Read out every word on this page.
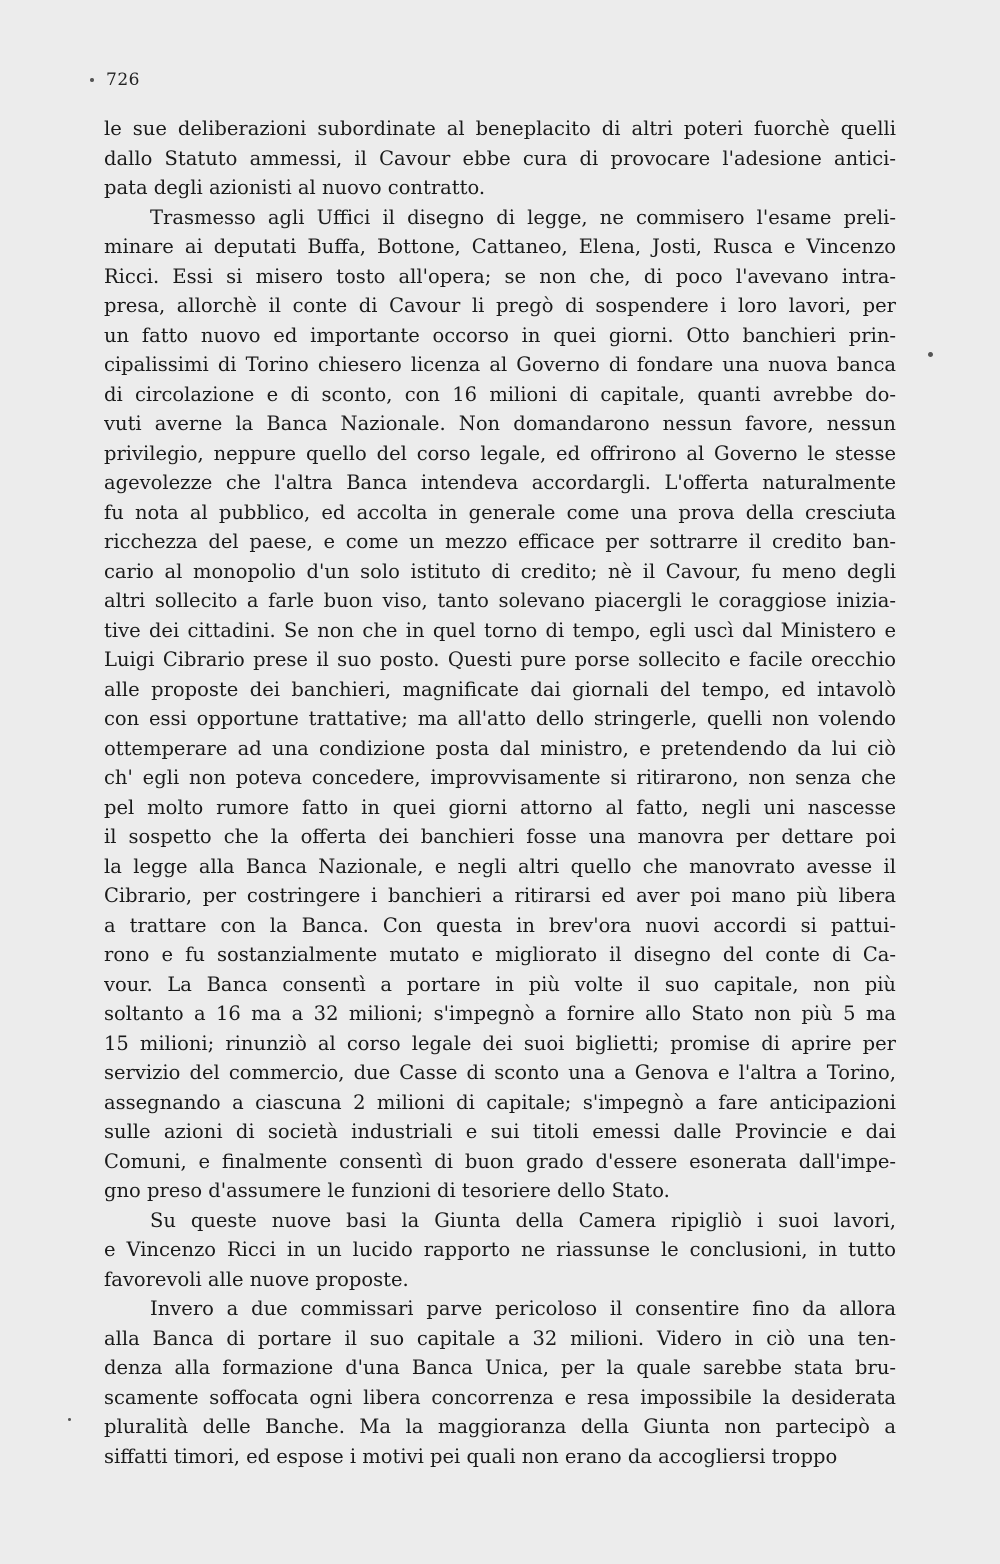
726
le sue deliberazioni subordinate al beneplacito di altri poteri fuorchè quelli
dallo Statuto ammessi, il Cavour ebbe cura di provocare l'adesione antici-
pata degli azionisti al nuovo contratto.
Trasmesso agli Uffici il disegno di legge, ne commisero l'esame preli-
minare ai deputati Buffa, Bottone, Cattaneo, Elena, Josti, Rusca e Vincenzo
Ricci. Essi si misero tosto all'opera; se non che, di poco l'avevano intra-
presa, allorchè il conte di Cavour li pregò di sospendere i loro lavori, per
un fatto nuovo ed importante occorso in quei giorni. Otto banchieri prin-
cipalissimi di Torino chiesero licenza al Governo di fondare una nuova banca
di circolazione e di sconto, con 16 milioni di capitale, quanti avrebbe do-
vuti averne la Banca Nazionale. Non domandarono nessun favore, nessun
privilegio, neppure quello del corso legale, ed offrirono al Governo le stesse
agevolezze che l'altra Banca intendeva accordargli. L'offerta naturalmente
fu nota al pubblico, ed accolta in generale come una prova della cresciuta
ricchezza del paese, e come un mezzo efficace per sottrarre il credito ban-
cario al monopolio d'un solo istituto di credito; nè il Cavour, fu meno degli
altri sollecito a farle buon viso, tanto solevano piacergli le coraggiose inizia-
tive dei cittadini. Se non che in quel torno di tempo, egli uscì dal Ministero e
Luigi Cibrario prese il suo posto. Questi pure porse sollecito e facile orecchio
alle proposte dei banchieri, magnificate dai giornali del tempo, ed intavolò
con essi opportune trattative; ma all'atto dello stringerle, quelli non volendo
ottemperare ad una condizione posta dal ministro, e pretendendo da lui ciò
ch' egli non poteva concedere, improvvisamente si ritirarono, non senza che
pel molto rumore fatto in quei giorni attorno al fatto, negli uni nascesse
il sospetto che la offerta dei banchieri fosse una manovra per dettare poi
la legge alla Banca Nazionale, e negli altri quello che manovrato avesse il
Cibrario, per costringere i banchieri a ritirarsi ed aver poi mano più libera
a trattare con la Banca. Con questa in brev'ora nuovi accordi si pattui-
rono e fu sostanzialmente mutato e migliorato il disegno del conte di Ca-
vour. La Banca consentì a portare in più volte il suo capitale, non più
soltanto a 16 ma a 32 milioni; s'impegnò a fornire allo Stato non più 5 ma
15 milioni; rinunziò al corso legale dei suoi biglietti; promise di aprire per
servizio del commercio, due Casse di sconto una a Genova e l'altra a Torino,
assegnando a ciascuna 2 milioni di capitale; s'impegnò a fare anticipazioni
sulle azioni di società industriali e sui titoli emessi dalle Provincie e dai
Comuni, e finalmente consentì di buon grado d'essere esonerata dall'impe-
gno preso d'assumere le funzioni di tesoriere dello Stato.
Su queste nuove basi la Giunta della Camera ripigliò i suoi lavori,
e Vincenzo Ricci in un lucido rapporto ne riassunse le conclusioni, in tutto
favorevoli alle nuove proposte.
Invero a due commissari parve pericoloso il consentire fino da allora
alla Banca di portare il suo capitale a 32 milioni. Videro in ciò una ten-
denza alla formazione d'una Banca Unica, per la quale sarebbe stata bru-
scamente soffocata ogni libera concorrenza e resa impossibile la desiderata
pluralità delle Banche. Ma la maggioranza della Giunta non partecipò a
siffatti timori, ed espose i motivi pei quali non erano da accogliersi troppo
